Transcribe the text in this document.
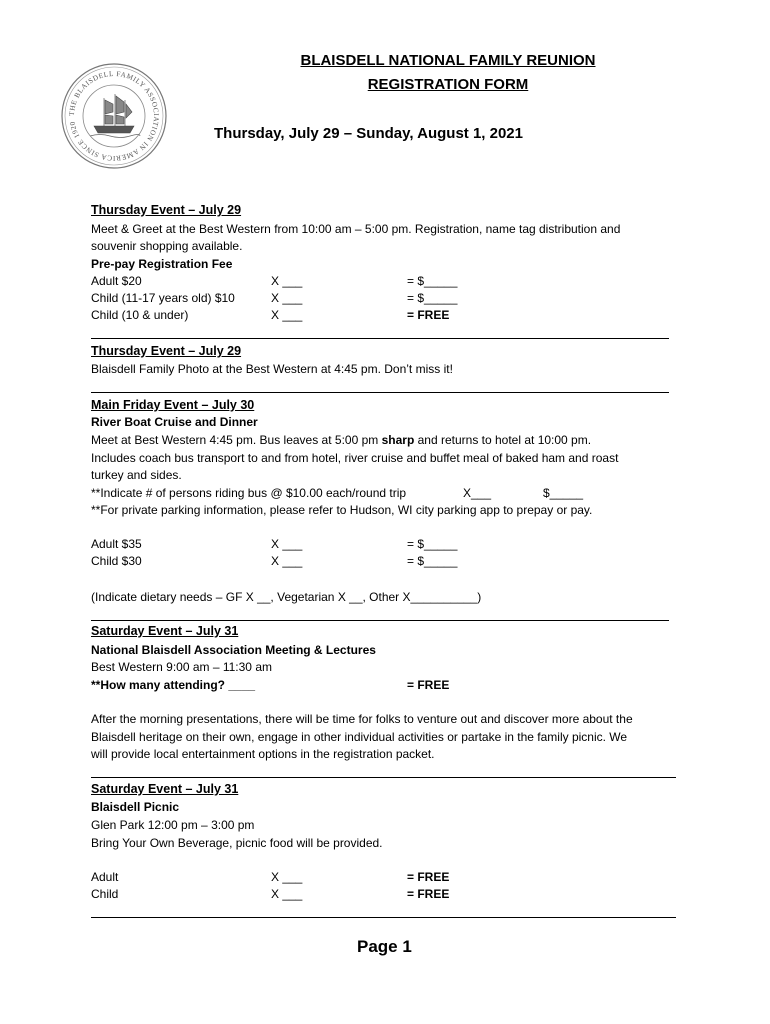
THE BLAISDELL FAMILY ASSOCIATION IN AMERICA SINCE 1920
BLAISDELL NATIONAL FAMILY REUNION
REGISTRATION FORM
Thursday, July 29 – Sunday, August 1, 2021
Thursday Event – July 29
Meet & Greet at the Best Western from 10:00 am – 5:00 pm. Registration, name tag distribution and
souvenir shopping available.
Pre-pay Registration Fee
Adult $20	X ___	= $_____
Child (11-17 years old) $10	X ___	= $_____
Child (10 & under)	X ___	= FREE
Thursday Event – July 29
Blaisdell Family Photo at the Best Western at 4:45 pm. Don’t miss it!
Main Friday Event – July 30
River Boat Cruise and Dinner
Meet at Best Western 4:45 pm. Bus leaves at 5:00 pm sharp and returns to hotel at 10:00 pm.
Includes coach bus transport to and from hotel, river cruise and buffet meal of baked ham and roast
turkey and sides.
**Indicate # of persons riding bus @ $10.00 each/round trip	X___	$_____
**For private parking information, please refer to Hudson, WI city parking app to prepay or pay.
Adult $35	X ___	= $_____
Child $30	X ___	= $_____
(Indicate dietary needs – GF X __, Vegetarian X __, Other X__________)
Saturday Event – July 31
National Blaisdell Association Meeting & Lectures
Best Western 9:00 am – 11:30 am
**How many attending? ____	= FREE
After the morning presentations, there will be time for folks to venture out and discover more about the
Blaisdell heritage on their own, engage in other individual activities or partake in the family picnic. We
will provide local entertainment options in the registration packet.
Saturday Event – July 31
Blaisdell Picnic
Glen Park 12:00 pm – 3:00 pm
Bring Your Own Beverage, picnic food will be provided.
Adult	X ___	= FREE
Child	X ___	= FREE
Page 1
